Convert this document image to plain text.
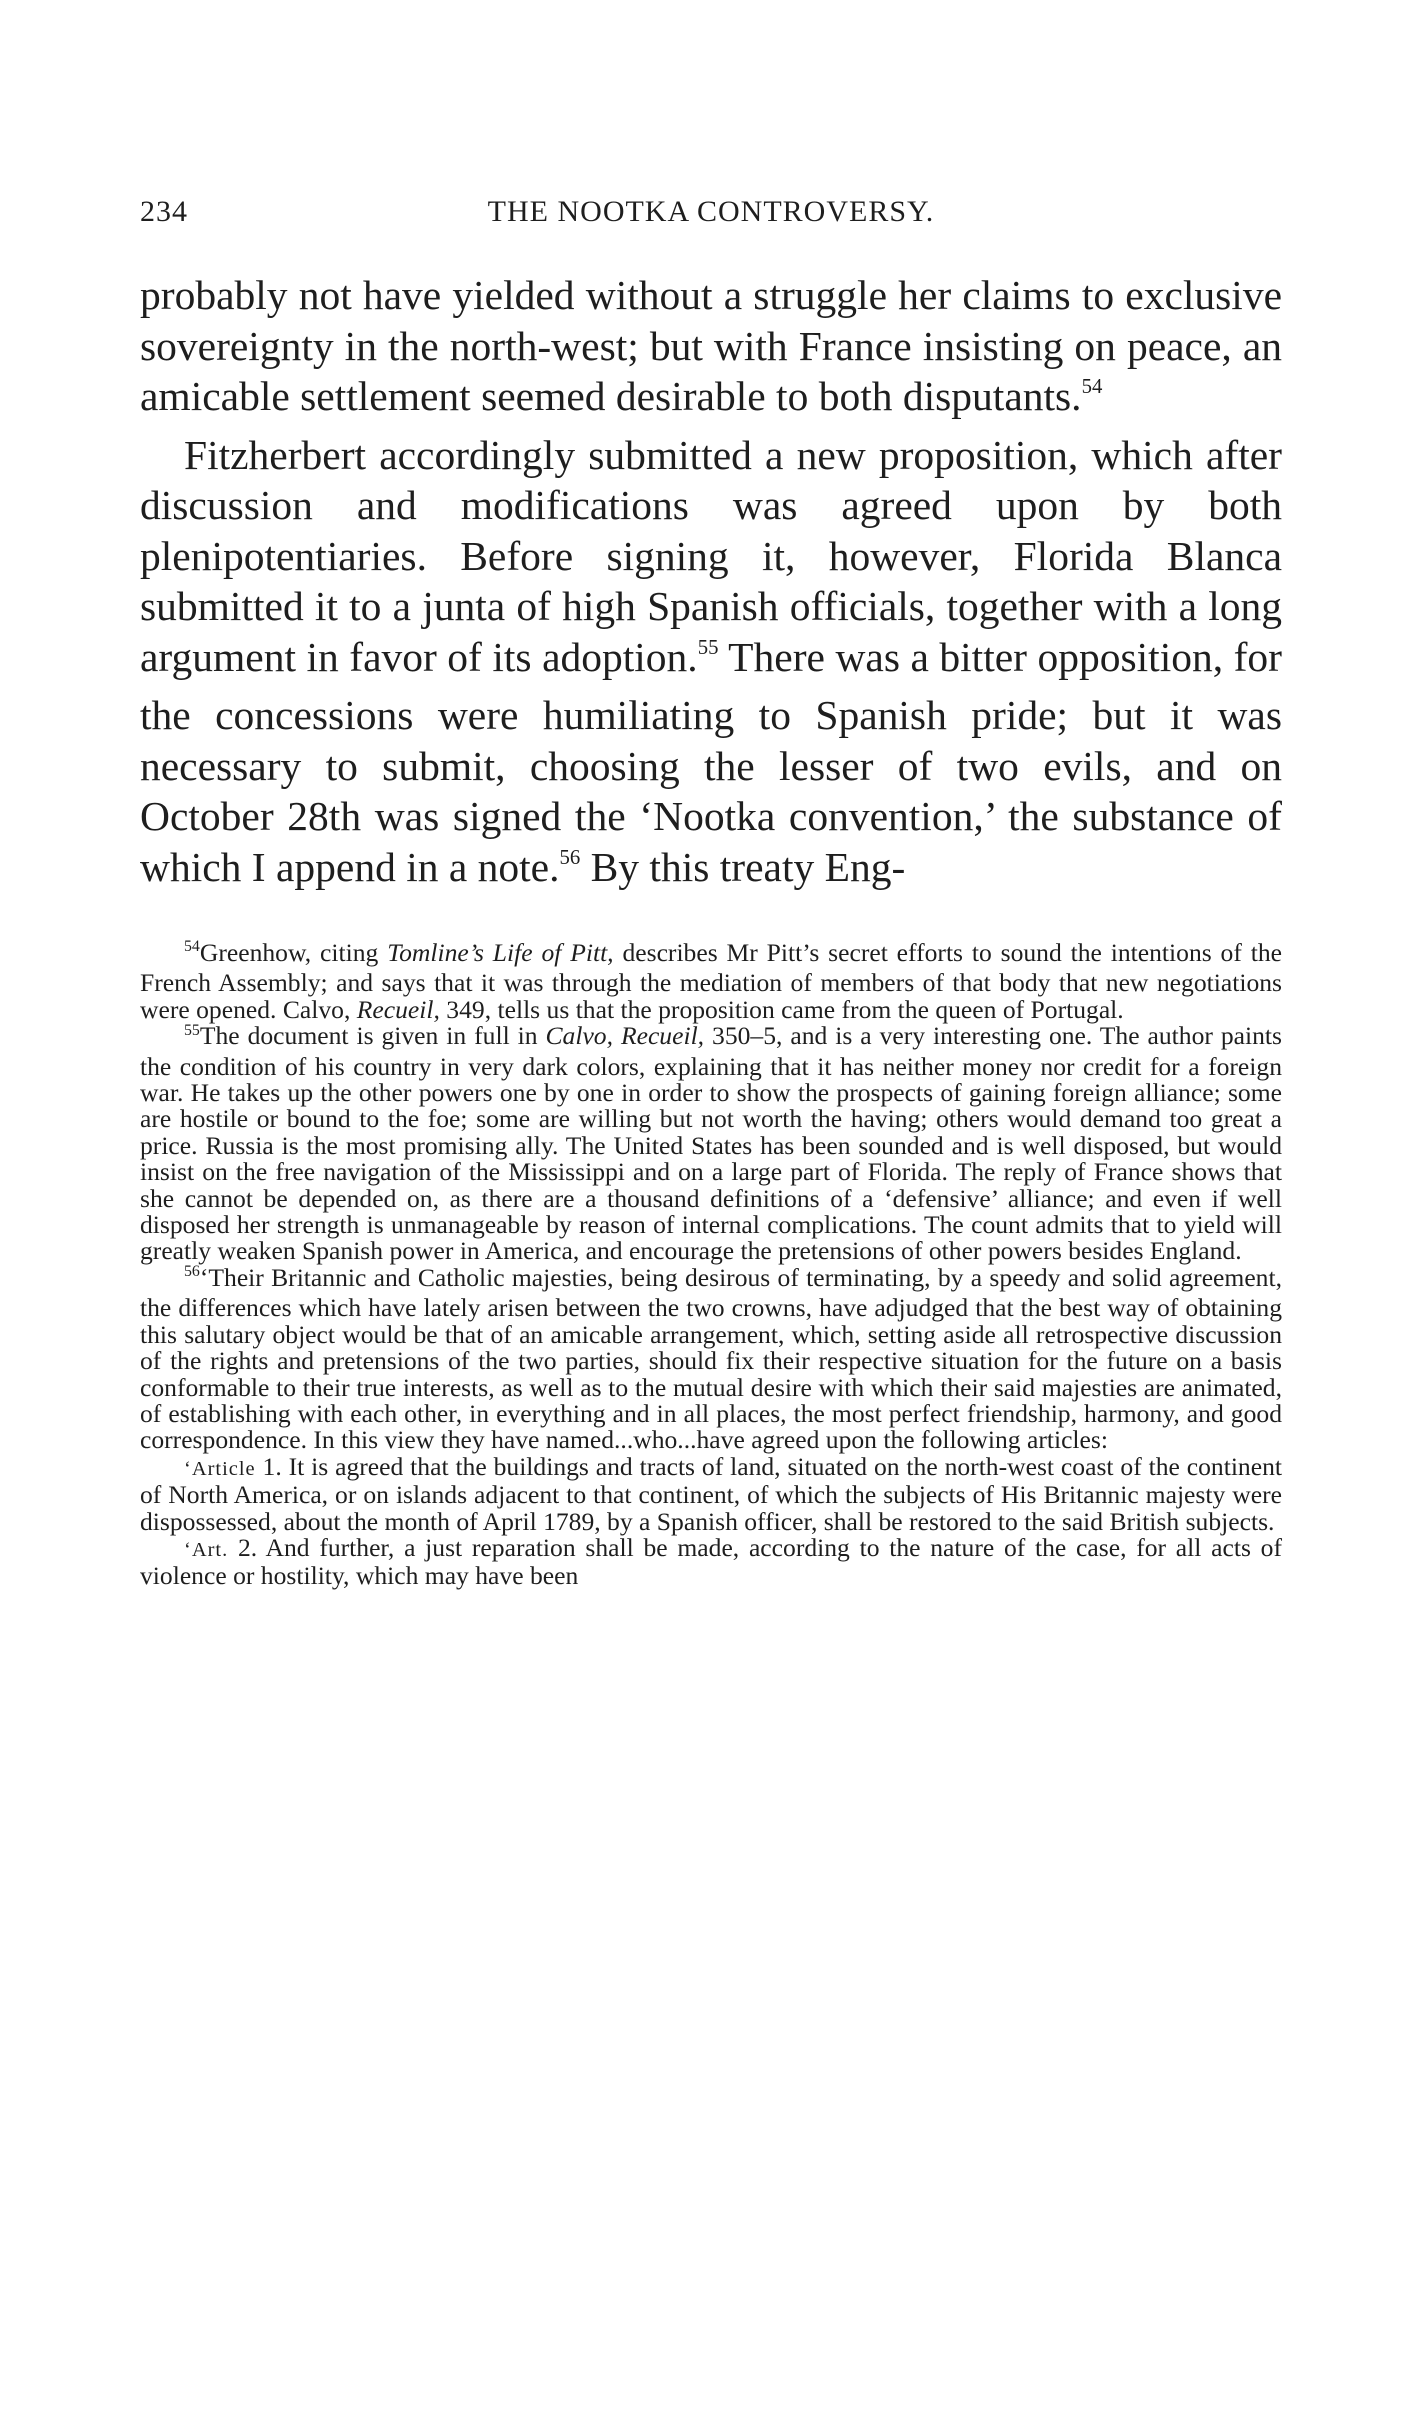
234	THE NOOTKA CONTROVERSY.

probably not have yielded without a struggle her claims to exclusive sovereignty in the north-west; but with France insisting on peace, an amicable settlement seemed desirable to both disputants.$^{54}$

Fitzherbert accordingly submitted a new proposition, which after discussion and modifications was agreed upon by both plenipotentiaries. Before signing it, however, Florida Blanca submitted it to a junta of high Spanish officials, together with a long argument in favor of its adoption.$^{55}$ There was a bitter opposition, for the concessions were humiliating to Spanish pride; but it was necessary to submit, choosing the lesser of two evils, and on October 28th was signed the ‘Nootka convention,’ the substance of which I append in a note.$^{56}$ By this treaty Eng-

$^{54}$Greenhow, citing Tomline’s Life of Pitt, describes Mr Pitt’s secret efforts to sound the intentions of the French Assembly; and says that it was through the mediation of members of that body that new negotiations were opened. Calvo, Recueil, 349, tells us that the proposition came from the queen of Portugal.

$^{55}$The document is given in full in Calvo, Recueil, 350–5, and is a very interesting one. The author paints the condition of his country in very dark colors, explaining that it has neither money nor credit for a foreign war. He takes up the other powers one by one in order to show the prospects of gaining foreign alliance; some are hostile or bound to the foe; some are willing but not worth the having; others would demand too great a price. Russia is the most promising ally. The United States has been sounded and is well disposed, but would insist on the free navigation of the Mississippi and on a large part of Florida. The reply of France shows that she cannot be depended on, as there are a thousand definitions of a ‘defensive’ alliance; and even if well disposed her strength is unmanageable by reason of internal complications. The count admits that to yield will greatly weaken Spanish power in America, and encourage the pretensions of other powers besides England.

$^{56}$‘Their Britannic and Catholic majesties, being desirous of terminating, by a speedy and solid agreement, the differences which have lately arisen between the two crowns, have adjudged that the best way of obtaining this salutary object would be that of an amicable arrangement, which, setting aside all retrospective discussion of the rights and pretensions of the two parties, should fix their respective situation for the future on a basis conformable to their true interests, as well as to the mutual desire with which their said majesties are animated, of establishing with each other, in everything and in all places, the most perfect friendship, harmony, and good correspondence. In this view they have named...who...have agreed upon the following articles:

‘Article 1. It is agreed that the buildings and tracts of land, situated on the north-west coast of the continent of North America, or on islands adjacent to that continent, of which the subjects of His Britannic majesty were dispossessed, about the month of April 1789, by a Spanish officer, shall be restored to the said British subjects.

‘Art. 2. And further, a just reparation shall be made, according to the nature of the case, for all acts of violence or hostility, which may have been
